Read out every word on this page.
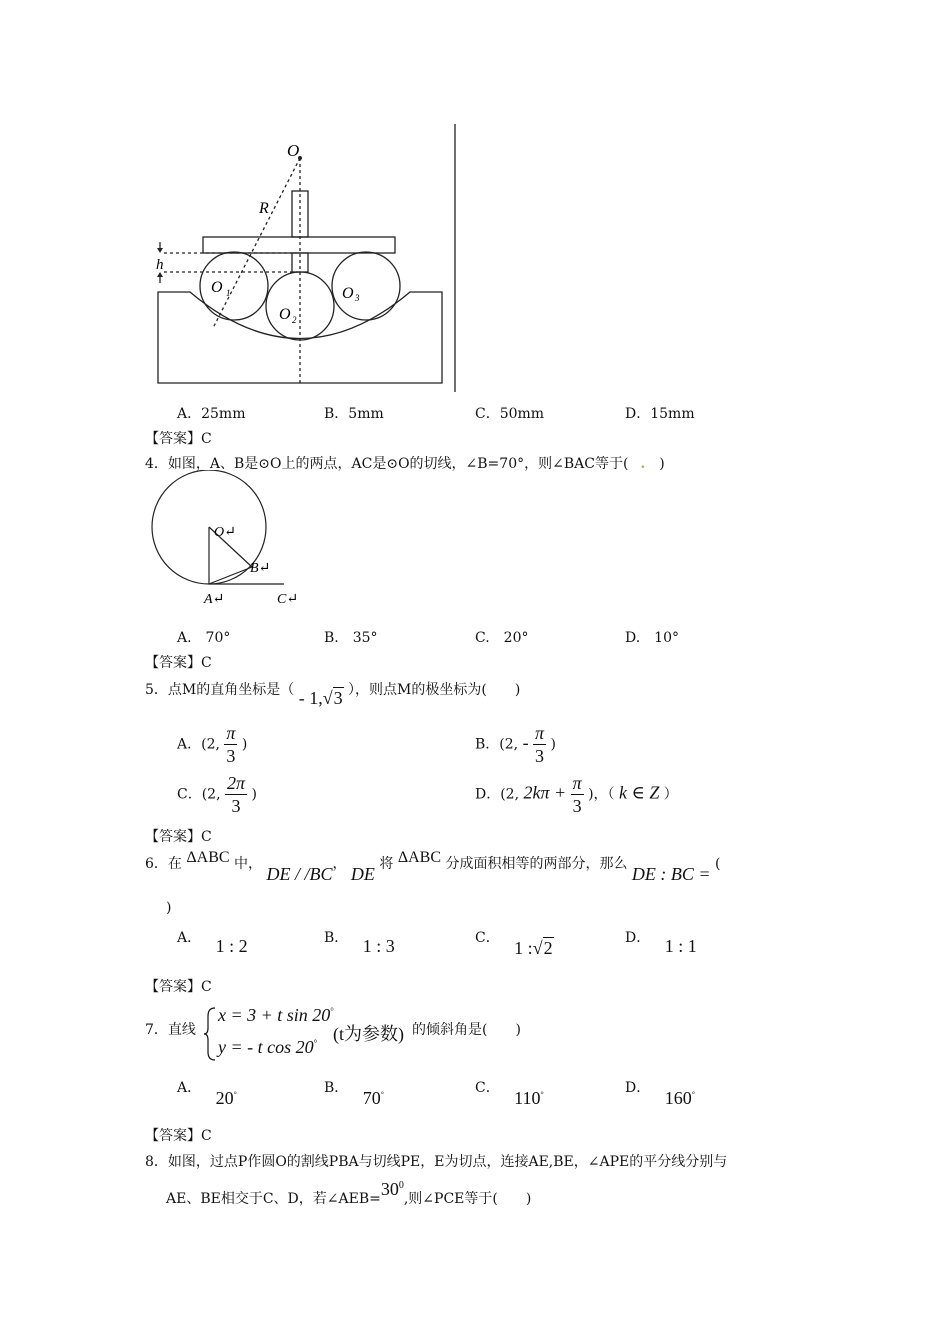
O
R
h
O 1
O 2
O 3
A．25mm	B．5mm	C．50mm	D．15mm
【答案】C
4．如图，A、B是⊙O上的两点，AC是⊙O的切线，∠B=70°，则∠BAC等于( . )
O↵
B↵
A↵	C↵
A.　70°	B.　35°	C.　20°	D.　10°
【答案】C
5．点M的直角坐标是（ - 1,√3 ），则点M的极坐标为(　　)
A．(2, $\frac{\pi}{3}$ )	B．(2, - $\frac{\pi}{3}$ )
C．(2, $\frac{2\pi}{3}$ )	D．(2, $2k\pi + \frac{\pi}{3}$ )，（ k ∈ Z ）
【答案】C
6．在 ΔABC 中， DE / /BC， DE 将 ΔABC 分成面积相等的两部分，那么 DE : BC = (
)
A． 1 : 2	B． 1 : 3	C． 1 :√2	D． 1 : 1
【答案】C
7．直线
x = 3 + t sin 20°
y = - t cos 20° (t为参数) 的倾斜角是(　　)
A． 20°	B． 70°	C． 110°	D． 160°
【答案】C
8．如图，过点P作圆O的割线PBA与切线PE，E为切点，连接AE,BE，∠APE的平分线分别与
AE、BE相交于C、D，若$\angle AEB=30^0$,则∠PCE等于(　　)
